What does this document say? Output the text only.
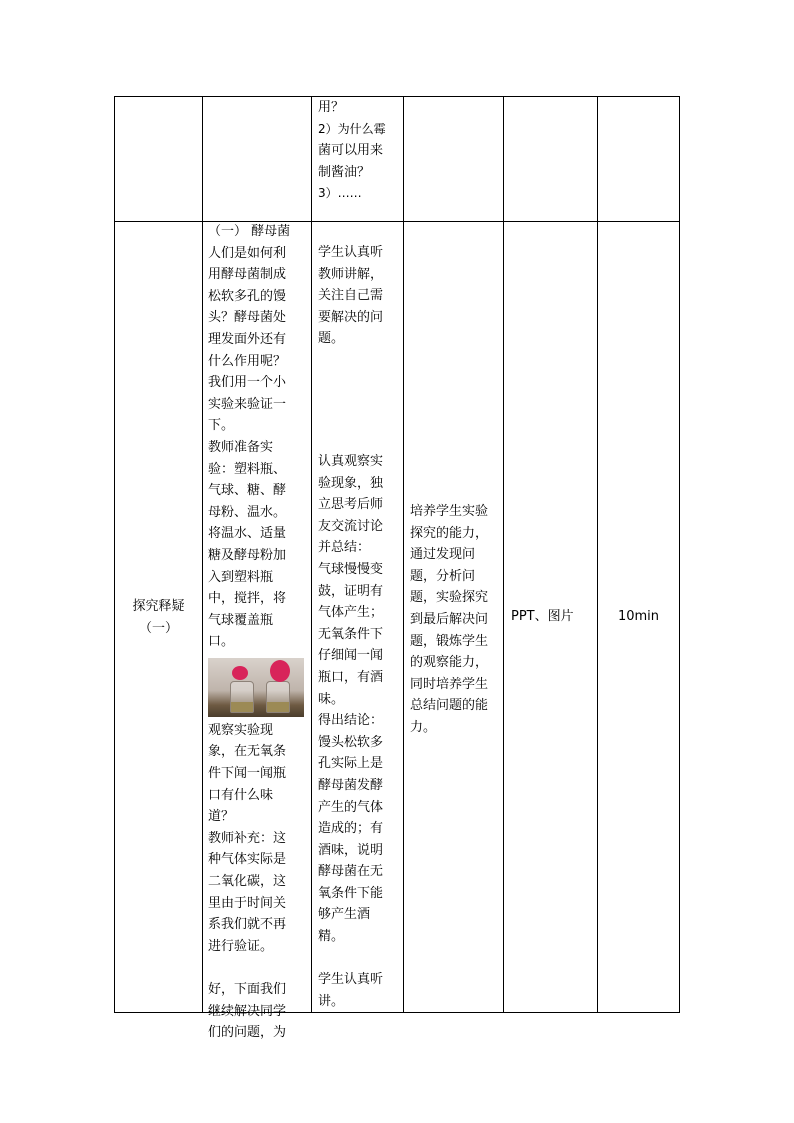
用？

2）为什么霉

菌可以用来

制酱油？

3）……

探究释疑

（一）

（一） 酵母菌

人们是如何利

用酵母菌制成

松软多孔的馒

头？酵母菌处

理发面外还有

什么作用呢？

我们用一个小

实验来验证一

下。

教师准备实

验：塑料瓶、

气球、糖、酵

母粉、温水。

将温水、适量

糖及酵母粉加

入到塑料瓶

中，搅拌，将

气球覆盖瓶

口。

观察实验现

象，在无氧条

件下闻一闻瓶

口有什么味

道？

教师补充：这

种气体实际是

二氧化碳，这

里由于时间关

系我们就不再

进行验证。

好，下面我们

继续解决同学

们的问题，为

学生认真听

教师讲解，

关注自己需

要解决的问

题。

认真观察实

验现象，独

立思考后师

友交流讨论

并总结：

气球慢慢变

鼓，证明有

气体产生；

无氧条件下

仔细闻一闻

瓶口，有酒

味。

得出结论：

馒头松软多

孔实际上是

酵母菌发酵

产生的气体

造成的；有

酒味，说明

酵母菌在无

氧条件下能

够产生酒

精。

学生认真听

讲。

培养学生实验

探究的能力，

通过发现问

题，分析问

题，实验探究

到最后解决问

题，锻炼学生

的观察能力，

同时培养学生

总结问题的能

力。

PPT、图片	10min
